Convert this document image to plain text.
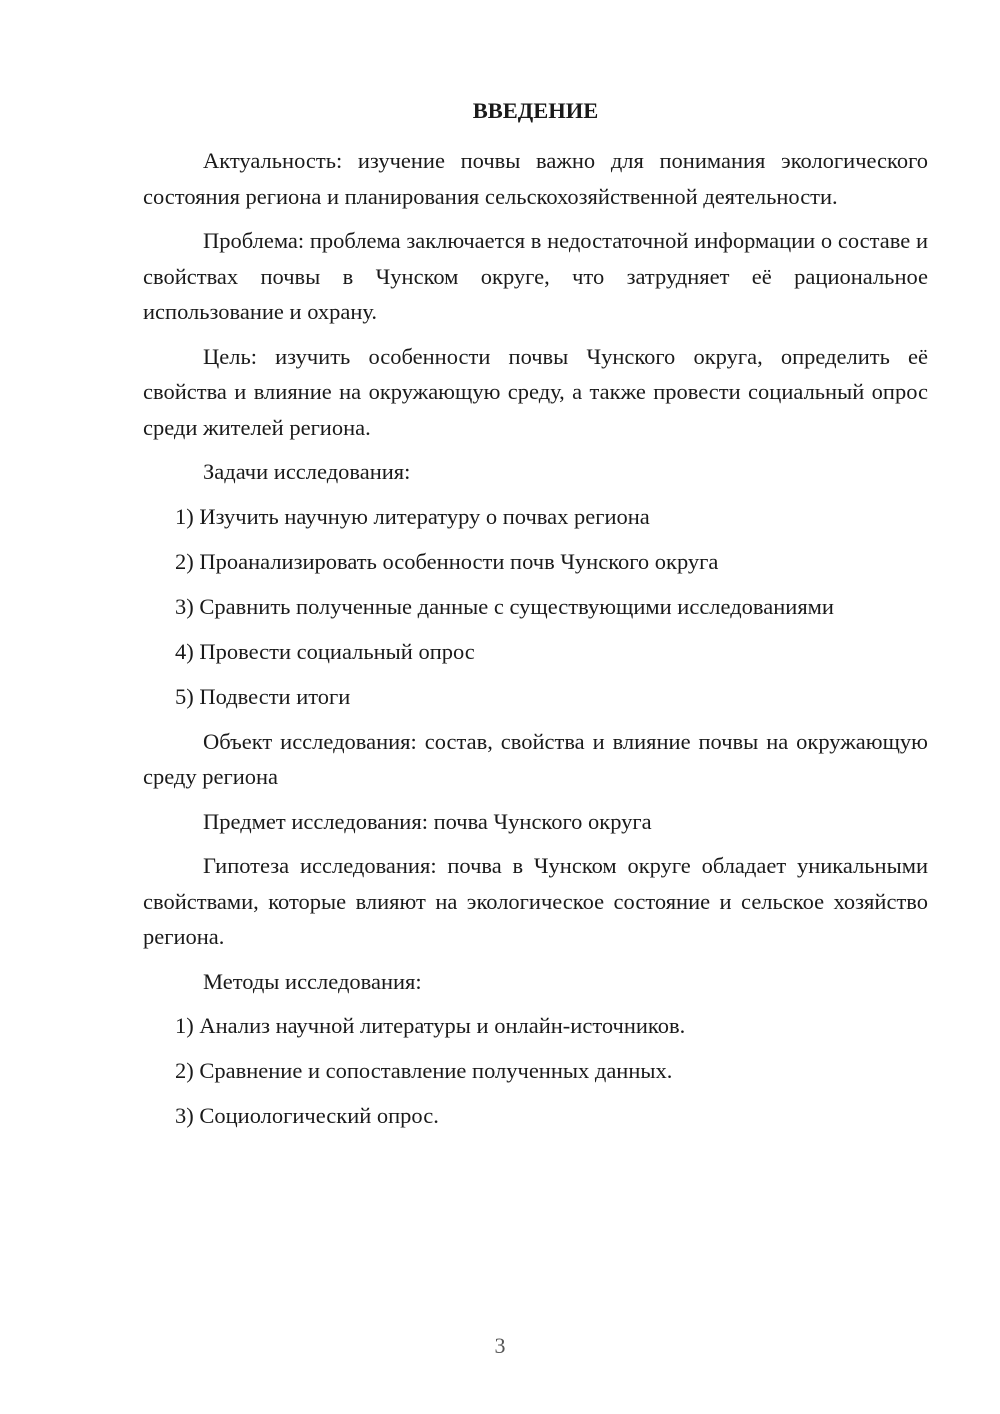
ВВЕДЕНИЕ

Актуальность: изучение почвы важно для понимания экологического состояния региона и планирования сельскохозяйственной деятельности.

Проблема: проблема заключается в недостаточной информации о составе и свойствах почвы в Чунском округе, что затрудняет её рациональное использование и охрану.

Цель: изучить особенности почвы Чунского округа, определить её свойства и влияние на окружающую среду, а также провести социальный опрос среди жителей региона.

Задачи исследования:

1) Изучить научную литературу о почвах региона
2) Проанализировать особенности почв Чунского округа
3) Сравнить полученные данные с существующими исследованиями
4) Провести социальный опрос
5) Подвести итоги

Объект исследования: состав, свойства и влияние почвы на окружающую среду региона

Предмет исследования: почва Чунского округа

Гипотеза исследования: почва в Чунском округе обладает уникальными свойствами, которые влияют на экологическое состояние и сельское хозяйство региона.

Методы исследования:

1) Анализ научной литературы и онлайн-источников.
2) Сравнение и сопоставление полученных данных.
3) Социологический опрос.
3
